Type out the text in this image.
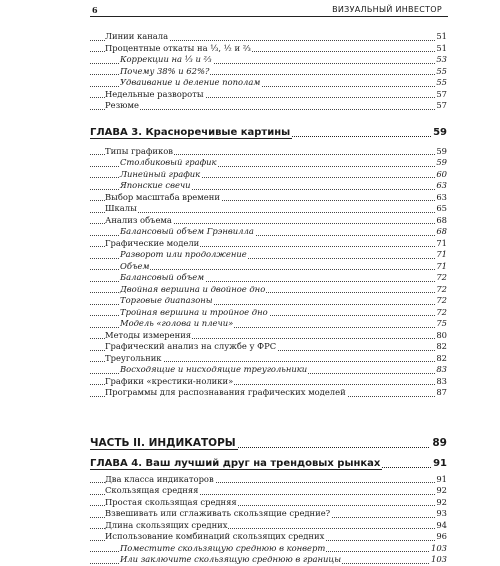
6	ВИЗУАЛЬНЫЙ ИНВЕСТОР
Линии канала	51
Процентные откаты на ⅓, ½ и ⅔	51
Коррекции на ⅓ и ⅔	53
Почему 38% и 62%?	55
Удваивание и деление пополам	55
Недельные развороты	57
Резюме	57
ГЛАВА 3. Красноречивые картины	59
Типы графиков	59
Столбиковый график	59
Линейный график	60
Японские свечи	63
Выбор масштаба времени	63
Шкалы	65
Анализ объема	68
Балансовый объем Грэнвилла	68
Графические модели	71
Разворот или продолжение	71
Объем	71
Балансовый объем	72
Двойная вершина и двойное дно	72
Торговые диапазоны	72
Тройная вершина и тройное дно	72
Модель «голова и плечи»	75
Методы измерения	80
Графический анализ на службе у ФРС	82
Треугольник	82
Восходящие и нисходящие треугольники	83
Графики «крестики-нолики»	83
Программы для распознавания графических моделей	87
ЧАСТЬ II. ИНДИКАТОРЫ	89
ГЛАВА 4. Ваш лучший друг на трендовых рынках	91
Два класса индикаторов	91
Скользящая средняя	92
Простая скользящая средняя	92
Взвешивать или сглаживать скользящие средние?	93
Длина скользящих средних	94
Использование комбинаций скользящих средних	96
Поместите скользящую среднюю в конверт	103
Или заключите скользящую среднюю в границы	103
